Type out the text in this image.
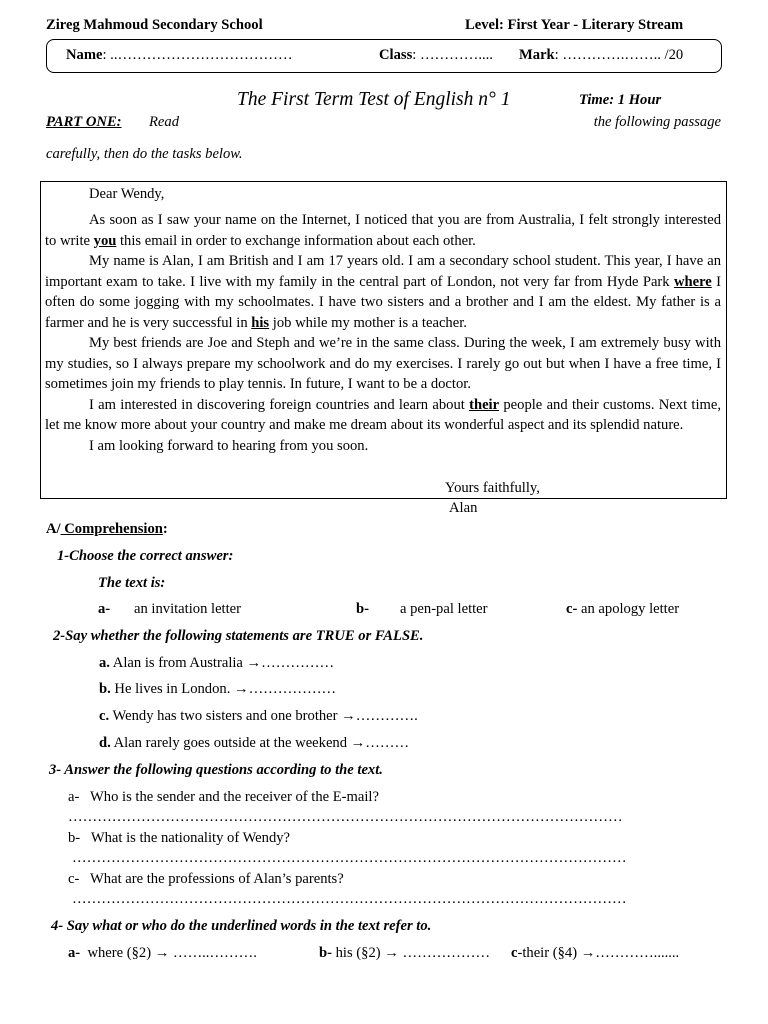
Zireg Mahmoud Secondary School	Level: First Year - Literary Stream
Name: ..………………………………	Class: ………….... Mark: ………….…….. /20
The First Term Test of English n° 1	Time: 1 Hour
PART ONE: Read	the following passage
carefully, then do the tasks below.

Dear Wendy,

As soon as I saw your name on the Internet, I noticed that you are from Australia, I felt strongly interested to write you this email in order to exchange information about each other.

My name is Alan, I am British and I am 17 years old. I am a secondary school student. This year, I have an important exam to take. I live with my family in the central part of London, not very far from Hyde Park where I often do some jogging with my schoolmates. I have two sisters and a brother and I am the eldest. My father is a farmer and he is very successful in his job while my mother is a teacher.

My best friends are Joe and Steph and we’re in the same class. During the week, I am extremely busy with my studies, so I always prepare my schoolwork and do my exercises. I rarely go out but when I have a free time, I sometimes join my friends to play tennis. In future, I want to be a doctor.

I am interested in discovering foreign countries and learn about their people and their customs. Next time, let me know more about your country and make me dream about its wonderful aspect and its splendid nature.

I am looking forward to hearing from you soon.

Yours faithfully,
Alan
A/ Comprehension:
1-Choose the correct answer:
The text is:
a- an invitation letter	b- a pen-pal letter	c- an apology letter
2-Say whether the following statements are TRUE or FALSE.
a. Alan is from Australia →……………
b. He lives in London. →………………
c. Wendy has two sisters and one brother →………….
d. Alan rarely goes outside at the weekend →………
3- Answer the following questions according to the text.
a- Who is the sender and the receiver of the E-mail?
……………………………………………………………………………………………………
b- What is the nationality of Wendy?
……………………………………………………………………………………………………
c- What are the professions of Alan’s parents?
……………………………………………………………………………………………………
4- Say what or who do the underlined words in the text refer to.
a- where (§2) → ……..……….	b- his (§2) → ……………… c-their (§4) →………….......
